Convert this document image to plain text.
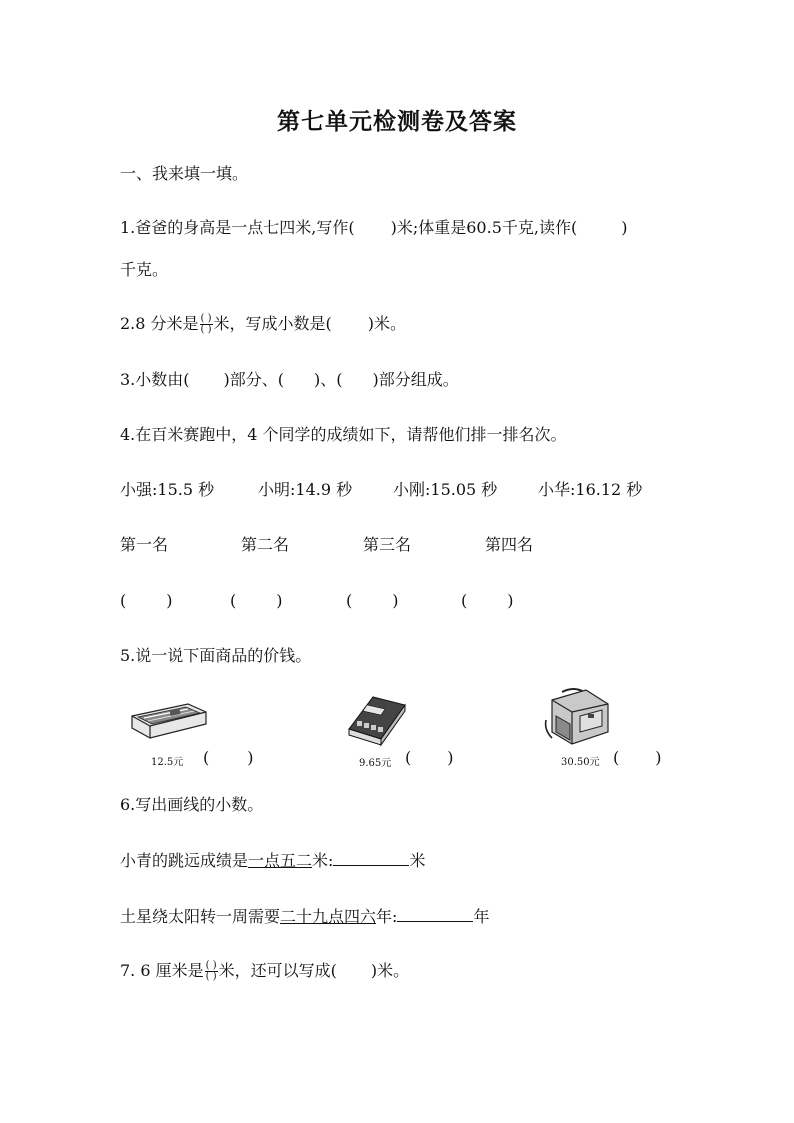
第七单元检测卷及答案
一、我来填一填。
1.爸爸的身高是一点七四米,写作( )米;体重是60.5千克,读作(	)
千克。
2.8 分米是 $\frac{( )}{( )}$ 米，写成小数是( )米。
3.小数由( )部分、( )、( )部分组成。
4.在百米赛跑中，4 个同学的成绩如下，请帮他们排一排名次。
小强:15.5 秒	小明:14.9 秒	小刚:15.05 秒	小华:16.12 秒
第一名	第二名	第三名	第四名
(	)	(	)	(	)	(	)
5.说一说下面商品的价钱。
12.5元 ( )	9.65元 ( )	30.50元 ( )
6.写出画线的小数。
小青的跳远成绩是一点五二米:	米
土星绕太阳转一周需要二十九点四六年:	年
7. 6 厘米是 $\frac{( )}{( )}$ 米，还可以写成( )米。
